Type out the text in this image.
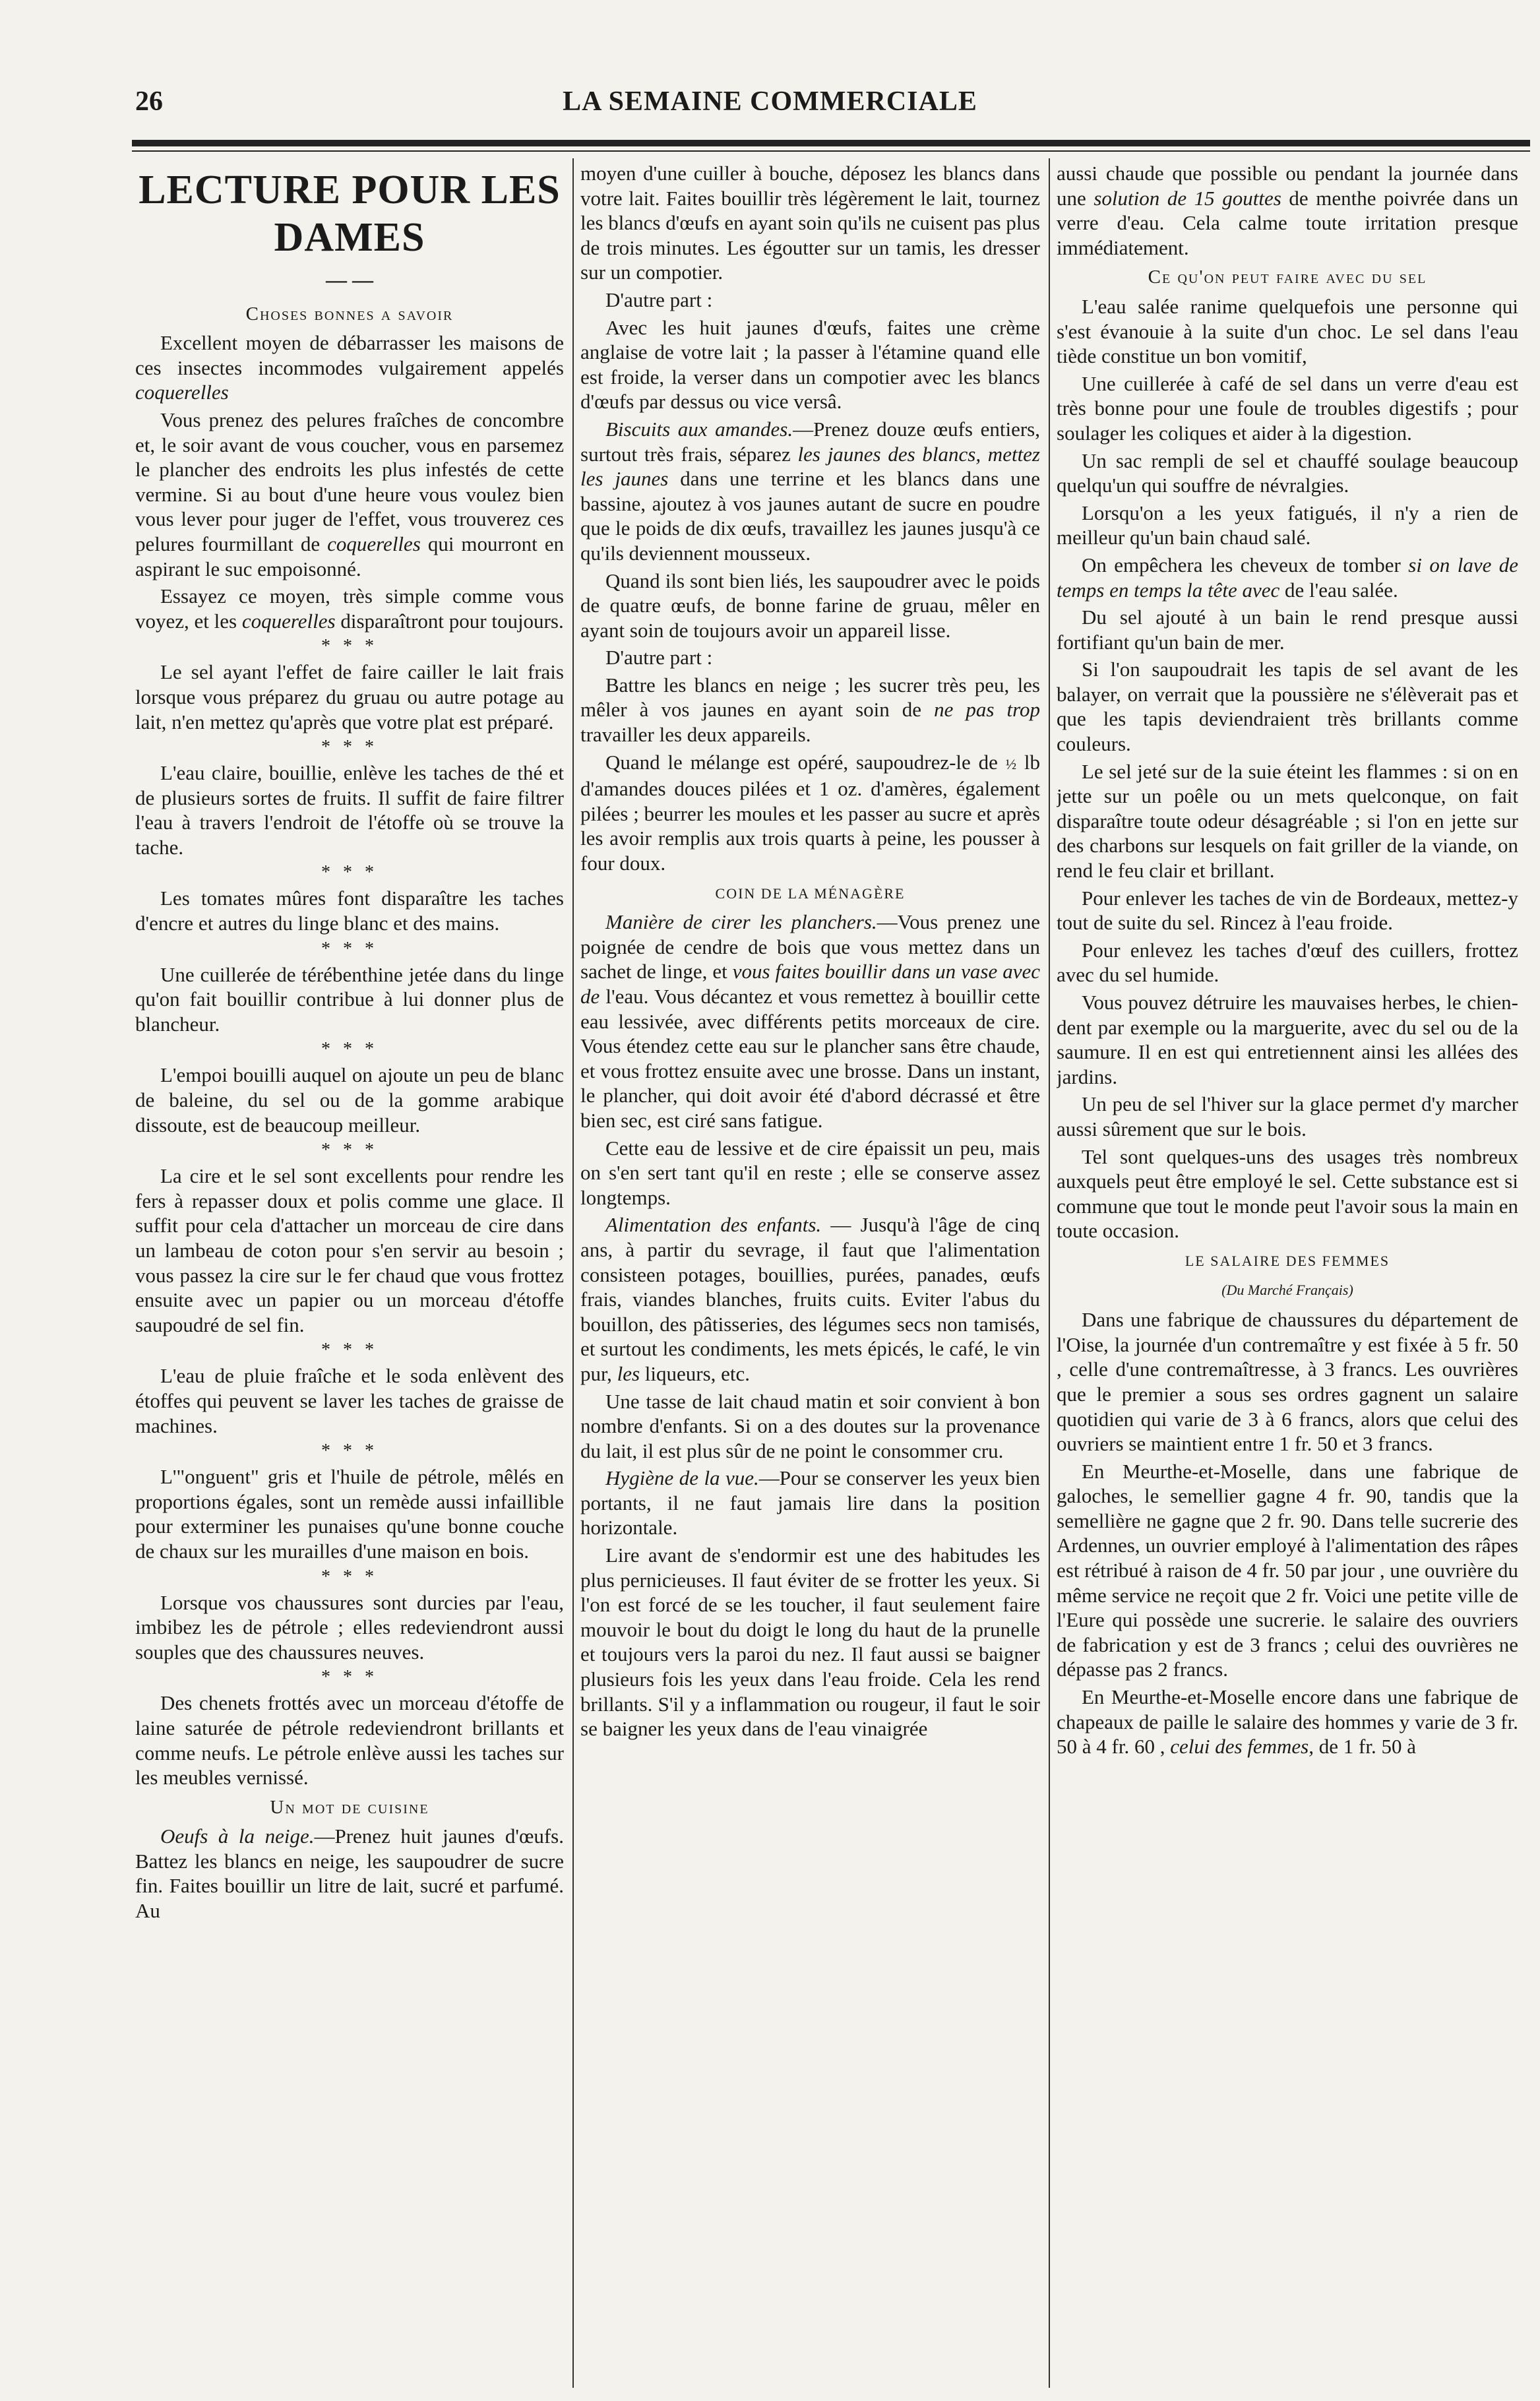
26	LA SEMAINE COMMERCIALE
LECTURE POUR LES DAMES
— —
Choses bonnes a savoir

Excellent moyen de débarrasser les maisons de ces insectes incommodes vulgairement appelés coquerelles

Vous prenez des pelures fraîches de concombre et, le soir avant de vous coucher, vous en parsemez le plancher des endroits les plus infestés de cette vermine. Si au bout d'une heure vous voulez bien vous lever pour juger de l'effet, vous trouverez ces pelures fourmillant de coquerelles qui mourront en aspirant le suc empoisonné.

Essayez ce moyen, très simple comme vous voyez, et les coquerelles disparaîtront pour toujours.

* * *

Le sel ayant l'effet de faire cailler le lait frais lorsque vous préparez du gruau ou autre potage au lait, n'en mettez qu'après que votre plat est préparé.

* * *

L'eau claire, bouillie, enlève les taches de thé et de plusieurs sortes de fruits. Il suffit de faire filtrer l'eau à travers l'endroit de l'étoffe où se trouve la tache.

* * *

Les tomates mûres font disparaître les taches d'encre et autres du linge blanc et des mains.

* * *

Une cuillerée de térébenthine jetée dans du linge qu'on fait bouillir contribue à lui donner plus de blancheur.

* * *

L'empoi bouilli auquel on ajoute un peu de blanc de baleine, du sel ou de la gomme arabique dissoute, est de beaucoup meilleur.

* * *

La cire et le sel sont excellents pour rendre les fers à repasser doux et polis comme une glace. Il suffit pour cela d'attacher un morceau de cire dans un lambeau de coton pour s'en servir au besoin ; vous passez la cire sur le fer chaud que vous frottez ensuite avec un papier ou un morceau d'étoffe saupoudré de sel fin.

* * *

L'eau de pluie fraîche et le soda enlèvent des étoffes qui peuvent se laver les taches de graisse de machines.

* * *

L'"onguent" gris et l'huile de pétrole, mêlés en proportions égales, sont un remède aussi infaillible pour exterminer les punaises qu'une bonne couche de chaux sur les murailles d'une maison en bois.

* * *

Lorsque vos chaussures sont durcies par l'eau, imbibez les de pétrole ; elles redeviendront aussi souples que des chaussures neuves.

* * *

Des chenets frottés avec un morceau d'étoffe de laine saturée de pétrole redeviendront brillants et comme neufs. Le pétrole enlève aussi les taches sur les meubles vernissé.

Un mot de cuisine

Oeufs à la neige.—Prenez huit jaunes d'œufs. Battez les blancs en neige, les saupoudrer de sucre fin. Faites bouillir un litre de lait, sucré et parfumé. Au

moyen d'une cuiller à bouche, déposez les blancs dans votre lait. Faites bouillir très légèrement le lait, tournez les blancs d'œufs en ayant soin qu'ils ne cuisent pas plus de trois minutes. Les égoutter sur un tamis, les dresser sur un compotier.

D'autre part :

Avec les huit jaunes d'œufs, faites une crème anglaise de votre lait ; la passer à l'étamine quand elle est froide, la verser dans un compotier avec les blancs d'œufs par dessus ou vice versâ.

Biscuits aux amandes.—Prenez douze œufs entiers, surtout très frais, séparez les jaunes des blancs, mettez les jaunes dans une terrine et les blancs dans une bassine, ajoutez à vos jaunes autant de sucre en poudre que le poids de dix œufs, travaillez les jaunes jusqu'à ce qu'ils deviennent mousseux.

Quand ils sont bien liés, les saupoudrer avec le poids de quatre œufs, de bonne farine de gruau, mêler en ayant soin de toujours avoir un appareil lisse.

D'autre part :

Battre les blancs en neige ; les sucrer très peu, les mêler à vos jaunes en ayant soin de ne pas trop travailler les deux appareils.

Quand le mélange est opéré, saupoudrez-le de ½ lb d'amandes douces pilées et 1 oz. d'amères, également pilées ; beurrer les moules et les passer au sucre et après les avoir remplis aux trois quarts à peine, les pousser à four doux.

COIN DE LA MÉNAGÈRE

Manière de cirer les planchers.—Vous prenez une poignée de cendre de bois que vous mettez dans un sachet de linge, et vous faites bouillir dans un vase avec de l'eau. Vous décantez et vous remettez à bouillir cette eau lessivée, avec différents petits morceaux de cire. Vous étendez cette eau sur le plancher sans être chaude, et vous frottez ensuite avec une brosse. Dans un instant, le plancher, qui doit avoir été d'abord décrassé et être bien sec, est ciré sans fatigue.

Cette eau de lessive et de cire épaissit un peu, mais on s'en sert tant qu'il en reste ; elle se conserve assez longtemps.

Alimentation des enfants. — Jusqu'à l'âge de cinq ans, à partir du sevrage, il faut que l'alimentation consisteen potages, bouillies, purées, panades, œufs frais, viandes blanches, fruits cuits. Eviter l'abus du bouillon, des pâtisseries, des légumes secs non tamisés, et surtout les condiments, les mets épicés, le café, le vin pur, les liqueurs, etc.

Une tasse de lait chaud matin et soir convient à bon nombre d'enfants. Si on a des doutes sur la provenance du lait, il est plus sûr de ne point le consommer cru.

Hygiène de la vue.—Pour se conserver les yeux bien portants, il ne faut jamais lire dans la position horizontale.

Lire avant de s'endormir est une des habitudes les plus pernicieuses. Il faut éviter de se frotter les yeux. Si l'on est forcé de se les toucher, il faut seulement faire mouvoir le bout du doigt le long du haut de la prunelle et toujours vers la paroi du nez. Il faut aussi se baigner plusieurs fois les yeux dans l'eau froide. Cela les rend brillants. S'il y a inflammation ou rougeur, il faut le soir se baigner les yeux dans de l'eau vinaigrée

aussi chaude que possible ou pendant la journée dans une solution de 15 gouttes de menthe poivrée dans un verre d'eau. Cela calme toute irritation presque immédiatement.

Ce qu'on peut faire avec du sel

L'eau salée ranime quelquefois une personne qui s'est évanouie à la suite d'un choc. Le sel dans l'eau tiède constitue un bon vomitif,

Une cuillerée à café de sel dans un verre d'eau est très bonne pour une foule de troubles digestifs ; pour soulager les coliques et aider à la digestion.

Un sac rempli de sel et chauffé soulage beaucoup quelqu'un qui souffre de névralgies.

Lorsqu'on a les yeux fatigués, il n'y a rien de meilleur qu'un bain chaud salé.

On empêchera les cheveux de tomber si on lave de temps en temps la tête avec de l'eau salée.

Du sel ajouté à un bain le rend presque aussi fortifiant qu'un bain de mer.

Si l'on saupoudrait les tapis de sel avant de les balayer, on verrait que la poussière ne s'élèverait pas et que les tapis deviendraient très brillants comme couleurs.

Le sel jeté sur de la suie éteint les flammes : si on en jette sur un poêle ou un mets quelconque, on fait disparaître toute odeur désagréable ; si l'on en jette sur des charbons sur lesquels on fait griller de la viande, on rend le feu clair et brillant.

Pour enlever les taches de vin de Bordeaux, mettez-y tout de suite du sel. Rincez à l'eau froide.

Pour enlevez les taches d'œuf des cuillers, frottez avec du sel humide.

Vous pouvez détruire les mauvaises herbes, le chien-dent par exemple ou la marguerite, avec du sel ou de la saumure. Il en est qui entretiennent ainsi les allées des jardins.

Un peu de sel l'hiver sur la glace permet d'y marcher aussi sûrement que sur le bois.

Tel sont quelques-uns des usages très nombreux auxquels peut être employé le sel. Cette substance est si commune que tout le monde peut l'avoir sous la main en toute occasion.

LE SALAIRE DES FEMMES
(Du Marché Français)

Dans une fabrique de chaussures du département de l'Oise, la journée d'un contremaître y est fixée à 5 fr. 50 , celle d'une contremaîtresse, à 3 francs. Les ouvrières que le premier a sous ses ordres gagnent un salaire quotidien qui varie de 3 à 6 francs, alors que celui des ouvriers se maintient entre 1 fr. 50 et 3 francs.

En Meurthe-et-Moselle, dans une fabrique de galoches, le semellier gagne 4 fr. 90, tandis que la semellière ne gagne que 2 fr. 90. Dans telle sucrerie des Ardennes, un ouvrier employé à l'alimentation des râpes est rétribué à raison de 4 fr. 50 par jour , une ouvrière du même service ne reçoit que 2 fr. Voici une petite ville de l'Eure qui possède une sucrerie. le salaire des ouvriers de fabrication y est de 3 francs ; celui des ouvrières ne dépasse pas 2 francs.

En Meurthe-et-Moselle encore dans une fabrique de chapeaux de paille le salaire des hommes y varie de 3 fr. 50 à 4 fr. 60 , celui des femmes, de 1 fr. 50 à
